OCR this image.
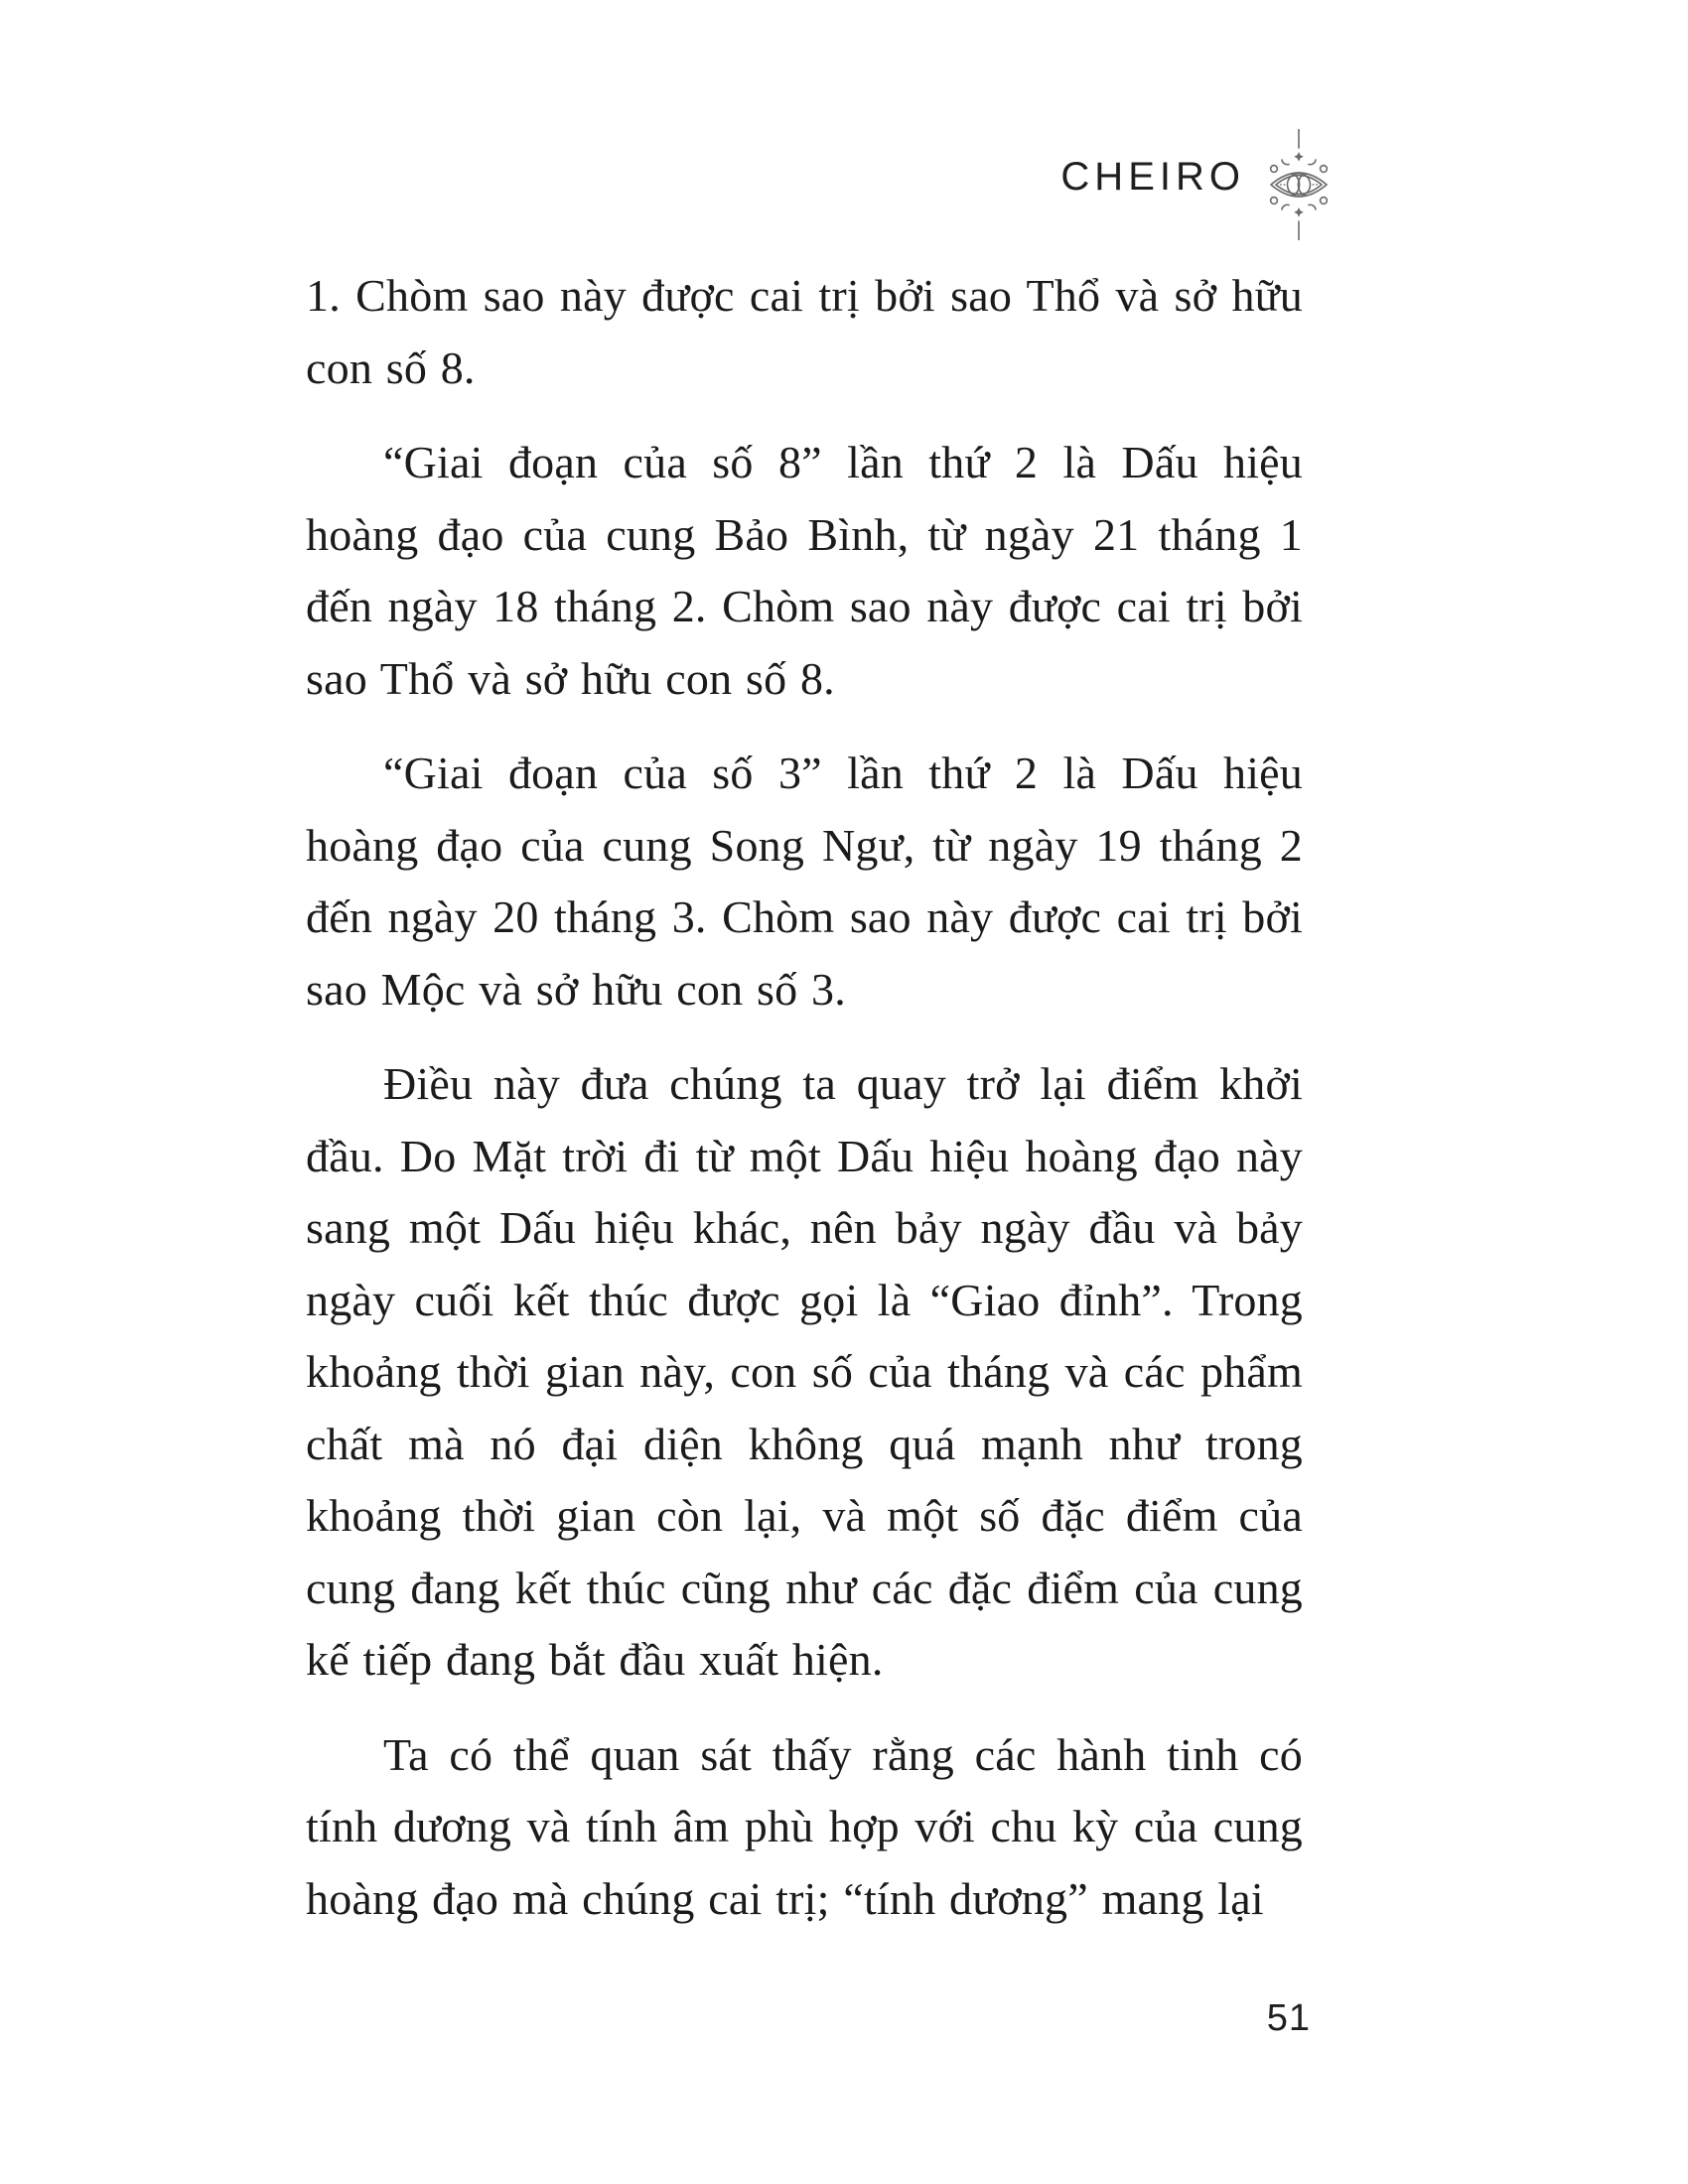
CHEIRO

1. Chòm sao này được cai trị bởi sao Thổ và sở hữu con số 8.

“Giai đoạn của số 8” lần thứ 2 là Dấu hiệu hoàng đạo của cung Bảo Bình, từ ngày 21 tháng 1 đến ngày 18 tháng 2. Chòm sao này được cai trị bởi sao Thổ và sở hữu con số 8.

“Giai đoạn của số 3” lần thứ 2 là Dấu hiệu hoàng đạo của cung Song Ngư, từ ngày 19 tháng 2 đến ngày 20 tháng 3. Chòm sao này được cai trị bởi sao Mộc và sở hữu con số 3.

Điều này đưa chúng ta quay trở lại điểm khởi đầu. Do Mặt trời đi từ một Dấu hiệu hoàng đạo này sang một Dấu hiệu khác, nên bảy ngày đầu và bảy ngày cuối kết thúc được gọi là “Giao đỉnh”. Trong khoảng thời gian này, con số của tháng và các phẩm chất mà nó đại diện không quá mạnh như trong khoảng thời gian còn lại, và một số đặc điểm của cung đang kết thúc cũng như các đặc điểm của cung kế tiếp đang bắt đầu xuất hiện.

Ta có thể quan sát thấy rằng các hành tinh có tính dương và tính âm phù hợp với chu kỳ của cung hoàng đạo mà chúng cai trị; “tính dương” mang lại

51
